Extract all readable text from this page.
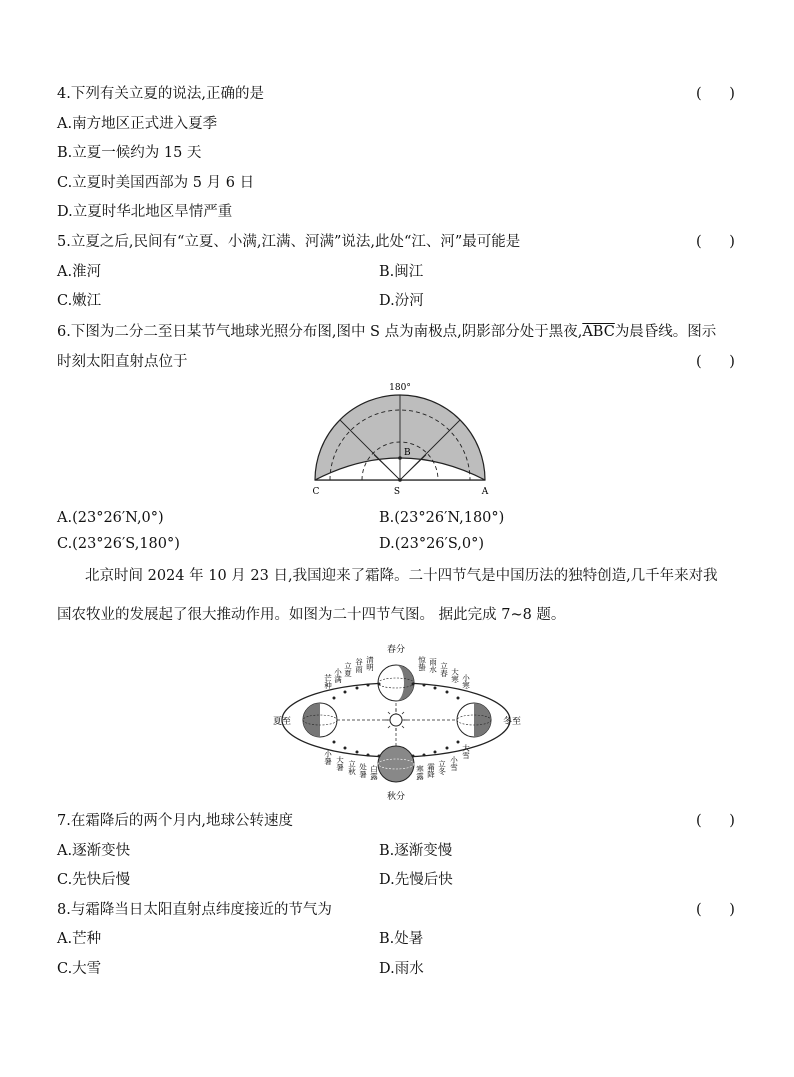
4.下列有关立夏的说法,正确的是	(      )
A.南方地区正式进入夏季
B.立夏一候约为 15 天
C.立夏时美国西部为 5 月 6 日
D.立夏时华北地区旱情严重
5.立夏之后,民间有“立夏、小满,江满、河满”说法,此处“江、河”最可能是	(      )
A.淮河	B.闽江
C.嫩江	D.汾河
6.下图为二分二至日某节气地球光照分布图,图中 S 点为南极点,阴影部分处于黑夜$,\overline{ABC}$为晨昏线。图示
时刻太阳直射点位于	(      )
180°
B
C	S	A
A.(23°26′N,0°)	B.(23°26′N,180°)
C.(23°26′S,180°)	D.(23°26′S,0°)
北京时间 2024 年 10 月 23 日,我国迎来了霜降。二十四节气是中国历法的独特创造,几千年来对我
国农牧业的发展起了很大推动作用。如图为二十四节气图。 据此完成 7~8 题。
春分
秋分
夏至	冬至
芒种 小满 立夏 谷雨 清明	惊蛰 雨水 立春 大寒 小寒
小暑 大暑 立秋 处暑 白露	寒露 霜降 立冬 小雪
大雪
7.在霜降后的两个月内,地球公转速度	(      )
A.逐渐变快	B.逐渐变慢
C.先快后慢	D.先慢后快
8.与霜降当日太阳直射点纬度接近的节气为	(      )
A.芒种	B.处暑
C.大雪	D.雨水
